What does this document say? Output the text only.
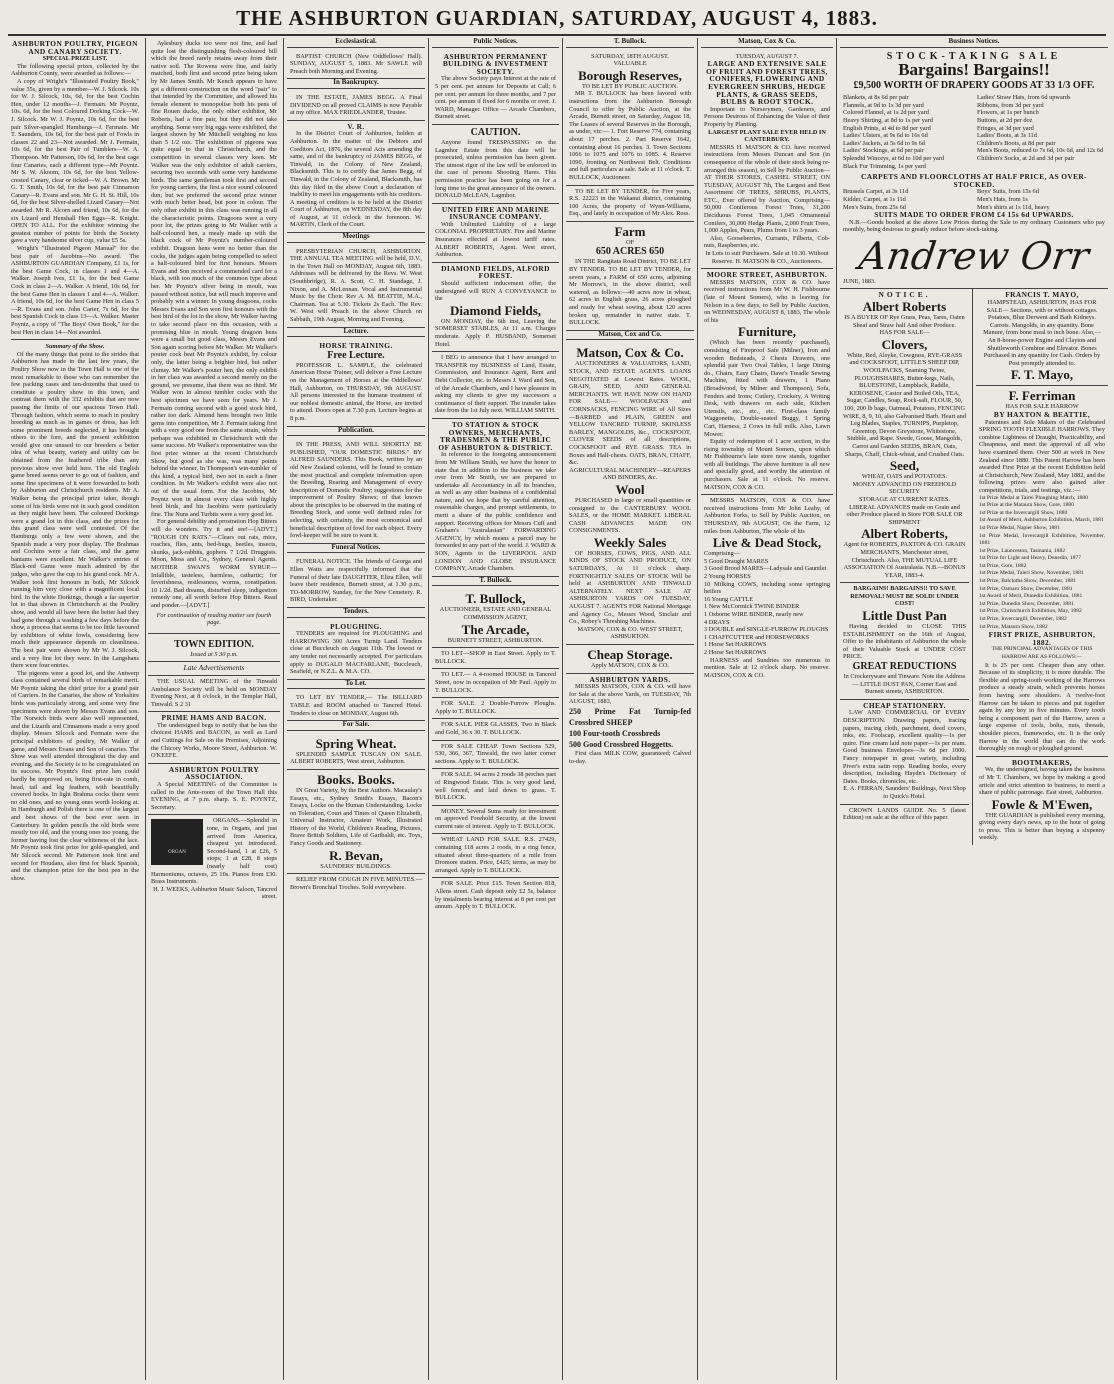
THE ASHBURTON GUARDIAN, SATURDAY, AUGUST 4, 1883.
ASHBURTON POULTRY, PIGEON AND CANARY SOCIETY.
SPECIAL PRIZE LIST.
The following special prizes, collected by the Ashburton County, were awarded as follows:—
A copy of Wright's "Illustrated Poultry Book," value 35s, given by a member—W. J. Silcock. 10s for W. J. Silcock, 10s, 6d, for the best Cochin Hen, under 12 months—J. Fermain. Mr Poyntz, 10s. 6d, for the best Coloured Dorking Cock—W. J. Silcock. Mr W. J. Poyntz, 10s 6d, for the best pair Silver-spangled Hamburgs—J. Fermain. Mr T. Saunders, 10s 6d, for the best pair of Fowls in classes 22 and 23—Not awarded. Mr J. Fermain, 10s 6d, for the best Pair of Tumblers—W. A. Thompson. Mr Patterson, 10s 6d, for the best cage four Canaries, each a different type—Mr Poyntz. Mr S. W. Akoom, 10s 6d, for the best Yellow-crested Canary, clear or ticked—W. A. Brown. Mr G. T. Smith, 10s 6d, for the best pair Cinnamon Canary—R. Evans and son. Mr G. H. St. Hill, 10s 6d, for the best Silver-shelled Lizard Canary—Not awarded. Mr R. Alcorn and friend, 10s 6d, for the six Lizard and Henshall Hen Eggs—R. Knight. OPEN TO ALL. For the exhibitor winning the greatest number of points for birds the Society gave a very handsome silver cup, value £5 5s.
Wright's "Illustrated Pigeon Manual" for the best pair of Jacobins—No award. The ASHBURTON GUARDIAN Company, £1 1s, for the best Game Cock, in classes 1 and 4—A. Walker. Joseph Ives, £1 1s, for the best Game Cock in class 2—A. Walker. A friend, 10s 6d, for the best Game Hen in classes 1 and 4—A. Walker. A friend, 10s 6d, for the best Game Hen in class 5—R. Evans and son. John Carter, 7s 6d, for the best Spanish Cock in class 13—A. Walker. Master Poyntz, a copy of "The Boys' Own Book," for the best Hen in class 14—Not awarded.
Summary of the Show.
Of the many things that point to the strides that Ashburton has made in the last few years, the Poultry Show now in the Town Hall is one of the most remarkable to those who can remember the few packing cases and ten-dozenths that used to constitute a poultry show in this town, and contrast them with the 332 exhibits that are now passing the limits of our spacious Town Hall. Through fashion, which seems to reach in poultry breeding as much as in games or dress, has left some prominent breeds neglected, it has brought others to the fore, and the present exhibition would give one unused to our breeders a better idea of what beauty, variety and utility can be obtained from the feathered tribe than any previous show ever held here. The old English game breed seems never to go out of fashion, and some fine specimens of it were forwarded to both by Ashburton and Christchurch residents. Mr A. Walker being the principal prize taker, though some of his birds were not in such good condition as they might have been. The coloured Dorkings were a grand lot in this class, and the prizes for this grand class were well contested. Of the Hamburgs only a few were shown, and the Spanish made a very poor display. The Brahmas and Cochins were a fair class, and the game bantams were excellent. Mr Walker's entries of Black-red Game were much admired by the judges, who gave the cup to his grand cock. Mr A. Walker took first honours in both, Mr Silcock running him very close with a magnificent local bird. In the white Dorkings, though a far superior lot to that shown in Christchurch at the Poultry show, and would all have been the better had they had gone through a washing a few days before the show, a process that seems to be too little favoured by exhibitors of white fowls, considering how much their appearance depends on cleanliness. The best pair were shown by Mr W. J. Silcock, and a very fine lot they were. In the Langshans there were four entries.
The pigeons were a good lot, and the Antwerp class contained several birds of remarkable merit. Mr Poyntz taking the chief prize for a grand pair of Carriers. In the Canaries, the show of Yorkshire birds was particularly strong, and some very fine specimens were shown by Messrs Evans and son. The Norwich birds were also well represented, and the Lizards and Cinnamons made a very good display. Messrs Silcock and Fermain were the principal exhibitors of poultry, Mr Walker of game, and Messrs Evans and Son of canaries. The Show was well attended throughout the day and evening, and the Society is to be congratulated on its success. Mr Poyntz's first prize hen could hardly be improved on, being first-rate in comb, head, tail and leg feathers, with beautifully covered hocks. In light Brahma cocks there were no old ones, and no young ones worth looking at. In Hamburgh and Polish there is one of the largest and best shows of the best ever seen in Canterbury. In golden pencils the old birds were mostly too old, and the young ones too young, the former having lost the clear whiteness of the lace. Mr Poyntz took first prize for gold-spangled, and Mr Silcock second. Mr Patterson took first and second for Houdans, also first for black Spanish, and the champion prize for the best pen in the show.
Aylesbury ducks too were not fine, and had quite lost the distinguishing flesh-coloured bill which the breed rarely retains away from their native soil. The Rowens were fine, and fairly matched, both first and second prize being taken by Mr James Smith. Mr Kench appears to have got a different construction on the word "pair" to that intended by the Committee, and allowed his female element to monopolise both his pens of fine Rouen ducks, the only other exhibitor, Mr Roberts, had a fine pair, but they did not take anything. Some very big eggs were exhibited, the largest shown by Mr Mitchell weighing no less than 5 1/2 ozs. The exhibition of pigeons was quite equal to that in Christchurch, and the competition in several classes very keen. Mr Walker was the only exhibitor of adult carriers, securing two seconds with some very handsome birds. The same gentleman took first and second for young carriers, the first a nice sound coloured dun; but we preferred the second prize winner with much better head, but poor in colour. The only other exhibit in this class was running in all the characteristic points. Dragoons were a very poor lot, the prizes going to Mr Walker with a half-coloured hen, a mealy made up with the black cock of Mr Poyntz's number-coloured exhibit. Dragoon hens were no better than the cocks, the judges again being compelled to select a half-coloured bird for first honours. Messrs Evans and Son received a commended card for a black, with too much of the common type about her. Mr Poyntz's silver being in moult, was passed without notice, but will much improve and probably win a winner. In young dragoons, cocks Messrs Evans and Son won first honours with the best bird of the lot in the show, Mr Walker having to take second place on this occasion, with a promising blue in moult. Young dragoon hens were a small but good class, Messrs Evans and Son again scoring before Mr Walker. Mr Walker's pouter cock beat Mr Poyntz's exhibit, by colour only, the latter being a brighter bird, but rather clumsy. Mr Walker's pouter hen, the only exhibit in her class was awarded a second merely on the ground, we presume, that there was no third. Mr Walker won in almost tumbler cocks with the best specimen we have seen for years. Mr J. Fermain coming second with a good stock bird, rather too dark. Almond hens brought two little gems into competition, Mr J. Fermain taking first with a very good one from the same strain, which perhaps was exhibited in Christchurch with the same success. Mr Walker's representative was the first prize winner at the recent Christchurch Show, but good as she was, was many points behind the winner. In Thompson's win-tumbler of this kind, a typical bird, two not in such a finer condition. In Mr Walker's exhibit were also not out of the usual form. For the Jacobins, Mr Poyntz won in almost every class with highly bred birds, and his Jacobins were particularly fine. The Nuns and Turbits were a very good lot.
For general debility and prostration Hop Bitters will do wonders. Try it and see!—[ADVT.] "ROUGH ON RATS."—Clears out rats, mice, roaches, flies, ants, bed-bugs, beetles, insects, skunks, jack-rabbits, gophers. 7 1/2d. Druggists. Moon, Moss and Co., Sydney, General Agents. MOTHER SWAN'S WORM SYRUP.—Infallible, tasteless, harmless, cathartic; for feverishness, restlessness, worms, constipation. 10 1/2d. Bad dreams, disturbed sleep, indigestion remedy one, all worth before Hop Bitters. Read and ponder.—[ADVT.]
For continuation of reading matter see fourth page.
TOWN EDITION.
Issued at 5 30 p.m.
Late Advertisements
THE USUAL MEETING of the Tinwald Ambulance Society will be held on MONDAY Evening Next, at 8 o'clock, in the Templar Hall, Tinwald. S 2 31
PRIME HAMS AND BACON.
The undersigned begs to notify that he has the choicest HAMS and BACON, as well as Lard and Cuttings for Sale on the Premises, Adjoining the Chicory Works, Moore Street, Ashburton. W. O'KEEFE.
ASHBURTON POULTRY ASSOCIATION.
A Special MEETING of the Committee is called in the Ante-room of the Town Hall this EVENING, at 7 p.m. sharp. S. E. POYNTZ, Secretary.
ORGAN
ORGANS.—Splendid in tone, in Organs, and just arrived from America, cheapest yet introduced. Second-hand, 1 at £26, 5 stops; 1 at £28, 8 stops (nearly half cost) Harmoniums, octaves, 25 10s. Pianos from £30. Brass Instruments.
H. J. WEEKS, Ashburton Music Saloon, Tancred street.
Ecclesiastical.
BAPTIST CHURCH (New Oddfellows' Hall). SUNDAY, AUGUST 5, 1883. Mr SAWLE will Preach both Morning and Evening.
In Bankruptcy.
IN THE ESTATE, JAMES BEGG. A Final DIVIDEND on all proved CLAIMS is now Payable at my office. MAX FRIEDLANDER, Trustee.
V. R.
In the District Court of Ashburton, holden at Ashburton. In the matter of the Debtors and Creditors Act, 1876, the several Acts amending the same, and of the bankruptcy of JAMES BEGG, of Tinwald, in the Colony of New Zealand, Blacksmith. This is to certify that James Begg, of Tinwald, in the Colony of Zealand, Blacksmith, has this day filed in the above Court a declaration of inability to meet his engagements with his creditors. A meeting of creditors is to be held at the District Court of Ashburton, on WEDNESDAY, the 8th day of August, at 11 o'clock in the forenoon. W. MARTIN, Clerk of the Court.
Meetings
PRESBYTERIAN CHURCH, ASHBURTON. THE ANNUAL TEA MEETING will be held, D.V., in the Town Hall on MONDAY, August 6th, 1883. Addresses will be delivered by the Revs. W. West (Southbridge), R. A. Scott, C. H. Standage, J. Nixon, and A. McLennan. Vocal and Instrumental Music by the Choir. Rev A. M. BEATTIE, M.A., Chairman. Tea at 5.30. Tickets 2s Each. The Rev. W. West will Preach in the above Church on Sabbath, 19th August, Morning and Evening.
Lecture.
HORSE TRAINING.
Free Lecture.
PROFESSOR L. SAMPLE, the celebrated American Horse Trainer, will deliver a Free Lecture on the Management of Horses at the Oddfellows' Hall, Ashburton, on THURSDAY, 9th AUGUST. All persons interested in the humane treatment of our noblest domestic animal, the Horse, are invited to attend. Doors open at 7.30 p.m. Lecture begins at 8 p.m.
Publication.
IN THE PRESS, AND WILL SHORTLY BE PUBLISHED, "OUR DOMESTIC BIRDS." BY ALFRED SAUNDERS. This Book, written by an old New Zealand colonist, will be found to contain the most practical and complete information upon the Breeding, Rearing and Management of every description of Domestic Poultry; suggestions for the improvement of Poultry Shows; of that known about the principles to be observed in the mating of Breeding Stock, and some well defined rules for selecting, with certainty, the most economical and beneficial description of fowl for each object. Every fowl-keeper will be sure to want it.
Funeral Notices.
FUNERAL NOTICE. The friends of Georga and Ellen Watts are respectfully informed that the Funeral of their late DAUGHTER, Eliza Ellen, will leave their residence, Burnett street, at 1.30 p.m., TO-MORROW, Sunday, for the New Cemetery. R. BIRD, Undertaker.
Tenders.
PLOUGHING.
TENDERS are required for PLOUGHING and HARROWING 300 Acres Turnip Land. Tenders close at Buccleuch on August 11th. The lowest or any tender not necessarily accepted. For particulars apply to DUGALD MACFARLANE, Buccleuch, Seafield, or N.Z.L. & M.A. CO.
To Let.
TO LET BY TENDER,— The BILLIARD TABLE and ROOM attached to Tancred Hotel. Tenders to close on MONDAY, August 6th.
For Sale.
Spring Wheat.
SPLENDID SAMPLE TUSCAN ON SALE. ALBERT ROBERTS, West street, Ashburton.
Books. Books.
IN Great Variety, by the Best Authors. Macaulay's Essays, etc., Sydney Smith's Essays, Bacon's Essays, Locke on the Human Understanding, Locke on Toleration, Court and Times of Queen Elizabeth, Universal Instructor, Amateur Work, Illustrated History of the World, Children's Reading, Pictures, Brave British Soldiers, Life of Garibaldi, etc. Toys, Fancy Goods and Stationery.
R. Bevan,
SAUNDERS' BUILDINGS.
RELIEF FROM COUGH IN FIVE MINUTES.—Brown's Bronchial Troches. Sold everywhere.
Public Notices.
ASHBURTON PERMANENT BUILDING & INVESTMENT SOCIETY.
The above Society pays Interest at the rate of 5 per cent. per annum for Deposits at Call; 6 per cent. per annum for three months, and 7 per cent. per annum if fixed for 6 months or over. J. WARD, Manager. Office — Arcade Chambers, Burnett street.
CAUTION.
Anyone found TRESPASSING on the Lagmhor Estate from this date will be prosecuted, unless permission has been given. The utmost rigor of the law will be enforced in the case of persons Shooting Hares. This permission practice has been going on for a long time to the great annoyance of the owners. DONALD McLEAN, Lagmhor.
UNITED FIRE AND MARINE INSURANCE COMPANY.
With Unlimited Liability of a large COLONIAL PROPRIETARY. Fire and Marine Insurances effected at lowest tariff rates. ALBERT ROBERTS, Agent. West street, Ashburton.
DIAMOND FIELDS, ALFORD FOREST.
Should sufficient inducement offer, the undersigned will RUN A CONVEYANCE to the
Diamond Fields,
ON MONDAY, the 6th inst, Leaving the SOMERSET STABLES, At 11 a.m. Charges moderate. Apply P. HUSBAND, Somerset Hotel.
I BEG to announce that I have arranged to TRANSFER my BUSINESS of Land, Estate, Commission, and Insurance Agent, Rent and Debt Collector, etc. to Messrs J. Ward and Son, of the Arcade Chambers, and I have pleasure in asking my clients to give my successors a continuance of their support. The transfer takes date from the 1st July next. WILLIAM SMITH.
TO STATION & STOCK OWNERS, MERCHANTS, TRADESMEN & THE PUBLIC OF ASHBURTON & DISTRICT.
In reference to the foregoing announcement from Mr William Smith, we have the honor to state that in addition to the business we take over from Mr Smith, we are prepared to undertake all Accountancy in all its branches, as well as any other business of a confidential nature, and we hope that by careful attention, reasonable charges, and prompt settlements, to merit a share of the public confidence and support. Receiving offices for Messrs Cuff and Graham's "Australasian" FORWARDING AGENCY, by which means a parcel may be forwarded to any part of the world. J. WARD & SON, Agents to the LIVERPOOL AND LONDON AND GLOBE INSURANCE COMPANY, Arcade Chambers.
T. Bullock.
T. Bullock,
AUCTIONEER, ESTATE AND GENERAL COMMISSION AGENT,
The Arcade,
BURNETT STREET, ASHBURTON.
TO LET—SHOP in East Street. Apply to T. BULLOCK.
TO LET.— A 4-roomed HOUSE in Tancred Street, now in occupation of Mr Paul. Apply to T. BULLOCK.
FOR SALE. 2 Double-Furrow Ploughs. Apply to T. BULLOCK.
FOR SALE. PIER GLASSES. Two in Black and Gold, 36 x 30. T. BULLOCK.
FOR SALE CHEAP. Town Sections 529, 530, 366, 367, Tinwald, the two latter corner sections. Apply to T. BULLOCK.
FOR SALE. 94 acres 2 roods 38 perches part of Ringwood Estate. This is very good land, well fenced, and laid down to grass. T. BULLOCK.
MONEY. Several Sums ready for investment on approved Freehold Security, at the lowest current rate of interest. Apply to T. BULLOCK.
WHEAT LAND FOR SALE. R.S. 27429, containing 118 acres 2 roods, in a ring fence, situated about three-quarters of a mile from Dromore station. Price, £425; terms, as may be arranged. Apply to T. BULLOCK.
FOR SALE. Price £15. Town Section 818, Allens street. Cash deposit only £2 5s, balance by instalments bearing interest at 8 per cent per annum. Apply to T. BULLOCK.
T. Bullock.
SATURDAY, 18TH AUGUST.
VALUABLE
Borough Reserves,
TO BE LET BY PUBLIC AUCTION.
MR T. BULLOCK has been favored with instructions from the Ashburton Borough Council to offer by Public Auction, at the Arcade, Burnett street, on Saturday, August 18, The Leases of several Reserves in the Borough, as under, viz:— 1. Fort Reserve 774, containing about 17 perches. 2. Part Reserve 1642, containing about 16 perches. 3. Town Sections 1066 to 1075 and 1076 to 1085. 4. Reserve 1090, fronting on Northwest Belt. Conditions and full particulars at sale. Sale at 11 o'clock. T. BULLOCK, Auctioneer.
TO BE LET BY TENDER, for Five years, R.S. 22223 in the Wakanui district, containing 100 Acres, the property of Wynn-Williams, Esq., and lately in occupation of Mr Alex. Ross.
Farm
OF
650 ACRES 650
IN THE Rangitata Road District, TO BE LET BY TENDER. TO BE LET BY TENDER, for seven years, a FARM of 650 acres, adjoining Mr Morrow's, in the above district, well watered, as follows:—40 acres now in wheat, 62 acres in English grass, 26 acres ploughed and ready for wheat sowing, about 120 acres broken up, remainder in native state. T. BULLOCK.
Matson, Cox and Co.
Matson, Cox & Co.
AUCTIONEERS & VALUATORS, LAND, STOCK, AND ESTATE AGENTS. LOANS NEGOTIATED at Lowest Rates. WOOL, GRAIN, SEED, AND GENERAL MERCHANTS. WE HAVE NOW ON HAND FOR SALE— WOOLPACKS and CORNSACKS, FENCING WIRE of All Sizes—BARBED and PLAIN, GREEN and YELLOW TANCRED TURNIP, SKINLESS BARLEY, MANGOLDS, &c., COCKSFOOT, CLOVER SEEDS of all descriptions, COCKSFOOT and RYE GRASS. TEA in Boxes and Half-chests. OATS, BRAN, CHAFF, &c.
AGRICULTURAL MACHINERY—REAPERS AND BINDERS, &c.
Wool
PURCHASED in large or small quantities or consigned to the CANTERBURY WOOL SALES, or the HOME MARKET. LIBERAL CASH ADVANCES MADE ON CONSIGNMENTS.
Weekly Sales
OF HORSES, COWS, PIGS, AND ALL KINDS OF STOCK AND PRODUCE, ON SATURDAYS, At 11 o'clock sharp. FORTNIGHTLY SALES OF STOCK Will be held at ASHBURTON AND TINWALD ALTERNATELY. NEXT SALE AT ASHBURTON YARDS ON TUESDAY, AUGUST 7. AGENTS FOR National Mortgage and Agency Co., Messrs Wood, Sinclair and Co., Robey's Threshing Machines.
MATSON, COX & CO. WEST STREET, ASHBURTON.
Cheap Storage.
Apply MATSON, COX & CO.
ASHBURTON YARDS.
MESSRS MATSON, COX & CO. will have for Sale at the above Yards, on TUESDAY, 7th AUGUST, 1883,
250 Prime Fat Turnip-fed Crossbred SHEEP
100 Four-tooth Crossbreds
500 Good Crossbred Hoggetts.
First class MILK COW, guaranteed; Calved to-day.
Matson, Cox & Co.
TUESDAY, AUGUST 7.
LARGE AND EXTENSIVE SALE OF FRUIT AND FOREST TREES, CONIFERS, FLOWERING AND EVERGREEN SHRUBS, HEDGE PLANTS, & GRASS SEEDS, BULBS & ROOT STOCK.
Important to Nurserymen, Gardeners, and Persons Desirous of Enhancing the Value of their Property by Planting.
LARGEST PLANT SALE EVER HELD IN CANTERBURY.
MESSRS H. MATSON & CO. have received instructions from Messrs Duncan and Son (in consequence of the whole of their stock being re-arranged this season), to Sell by Public Auction— AT THEIR STORES, CASHEL STREET, ON TUESDAY, AUGUST 7th, The Largest and Best Assortment OF TREES, SHRUBS, PLANTS, ETC., Ever offered by Auction, Comprising— 50,000 Coniferous Forest Trees, 31,200 Deciduous Forest Trees, 1,045 Ornamental Conifers, 30,000 Hedge Plants, 2,000 Fruit Trees, 1,000 Apples, Pears, Plums from 1 to 3 years.
Also, Gooseberries, Currants, Filberts, Cob-nuts, Raspberries, etc.
In Lots to suit Purchasers. Sale at 10.30. Without Reserve. H. MATSON & CO., Auctioneers.
MOORE STREET, ASHBURTON.
MESSRS MATSON, COX & CO. have received instructions from Mr W. H. Fishbourne (late of Mount Somers), who is leaving for Nelson in a few days, to Sell by Public Auction, on WEDNESDAY, AUGUST 8, 1883, The whole of his
Furniture,
(Which has been recently purchased), consisting of Fireproof Safe (Milner), Iron and wooden Bedsteads, 2 Chests Drawers, one splendid pair Two Oval Tables, 1 large Dining do., Chairs, Easy Chairs, Dave's Treadle Sewing Machine, fitted with drawers, 1 Piano (Broadwood, by Milner and Thompson), Sofa, Fenders and Irons; Cutlery, Crockery, A Writing Desk, with drawers on each side, Kitchen Utensils, etc., etc., etc. First-class family Waggonette, Double-seated Buggy, 1 Spring Cart, Harness, 2 Cows in full milk. Also, Lawn Mower.
Equity of redemption of 1 acre section, in the rising township of Mount Somers, upon which Mr Fishbourne's late store now stands, together with all buildings. The above furniture is all new and specially good, and worthy the attention of purchasers. Sale at 11 o'clock. No reserve. MATSON, COX & CO.
MESSRS MATSON, COX & CO. have received instructions from Mr John Leahy, of Ashburton Forks, to Sell by Public Auction, on THURSDAY, 9th AUGUST, On the Farm, 12 miles from Ashburton, The whole of his
Live & Dead Stock,
Comprising—
5 Good Draught MARES
3 Good Brood MARES—Ladysale and Gauntlet
2 Young HORSES
10 Milking COWS, including some springing heifers
16 Young CATTLE
1 New McCormick TWINE BINDER
1 Osborne WIRE BINDER, nearly new
4 DRAYS
3 DOUBLE and SINGLE-FURROW PLOUGHS
1 CHAFFCUTTER and HORSEWORKS
1 Horse Set HARROWS
2 Horse Set HARROWS
HARNESS and Sundries too numerous to mention. Sale at 12 o'clock sharp. No reserve. MATSON, COX & CO.
Business Notices.
STOCK-TAKING SALE
Bargains! Bargains!!
£9,500 WORTH OF DRAPERY GOODS AT 33 1/3 OFF.
Blankets, at 8s 6d per pair
Flannels, at 9d to 1s 3d per yard
Colored Flannel, at 1s 2d per yard
Heavy Shirting, at 8d to 1s per yard
English Prints, at 4d to 8d per yard
Ladies' Ulsters, at 9s 6d to 16s 6d
Ladies' Jackets, at 5s 6d to 9s 6d
Ladies' Stockings, at 6d per pair
Splendid Winceys, at 6d to 10d per yard
Black Fur Trimming, 1s per yard
Ladies' Straw Hats, from 6d upwards
Ribbons, from 3d per yard
Flowers, at 1s per bunch
Buttons, at 2d per doz
Fringes, at 3d per yard
Ladies' Boots, at 3s 11d
Children's Boots, at 8d per pair
Men's Boots, reduced to 7s 6d, 10s 6d, and 12s 6d
Children's Socks, at 2d and 3d per pair
CARPETS AND FLOORCLOTHS AT HALF PRICE, AS OVER-STOCKED.
Brussels Carpet, at 3s 11d
Kidder, Carpet, at 1s 11d
Men's Suits, from 25s 6d
Boys' Suits, from 15s 6d
Men's Hats, from 1s
Men's shirts at 1s 11d, heavy
SUITS MADE TO ORDER FROM £4 15s 6d UPWARDS.
N.B.—Goods booked at the above Low Prices during the Sale to my ordinary Customers who pay monthly, being desirous to greatly reduce before stock-taking.
Andrew Orr
JUNE, 1883.
NOTICE.
Albert Roberts
IS A BUYER OF Rye Grass, Peas, Tares, Oaten Sheaf and Straw half And other Produce.
HAS FOR SALE—
Clovers,
White, Red, Alsyke, Cowgrass, RYE-GRASS and COCKSFOOT, LITTLE'S SHEEP DIP, WOOLPACKS, Seaming Twine, PLOUGHSHARES, Butter-kegs, Nails, BLUESTONE, Lampblack, Raddle, KEROSENE, Castor and Boiled Oils, TEA, Sugar, Candles, Soap, Rock-salt, FLOUR, 50, 100, 200 lb bags, Oatmeal, Potatoes, FENCING WIRE, 8, 9, 10, also Galvanised Barb. Heart and Leg Blades, Staples, TURNIPS, Purpletop, Greentop, Devon Greystone, Whitestone, Stubble, and Rape. Swede, Goose, Mangolds, Carrot and Garden SEEDS, BRAN, Oats, Sharps, Chaff, Chick-wheat, and Crushed Oats.
Seed,
WHEAT, OATS and POTATOES.
MONEY ADVANCED ON FREEHOLD SECURITY
STORAGE AT CURRENT RATES.
LIBERAL ADVANCES made on Grain and other Produce placed in Store FOR SALE OR SHIPMENT
Albert Roberts,
Agent for ROBERTS, PAXTON & CO. GRAIN MERCHANTS, Manchester street, Christchurch. Also, THE MUTUAL LIFE ASSOCIATION Of Australasia. N.B.—BONUS YEAR, 1883-4.
BARGAINS! BARGAINS!! TO SAVE REMOVAL! MUST BE SOLD! UNDER COST!
Little Dust Pan
Having decided to CLOSE THIS ESTABLISHMENT on the 16th of August, Offer to the inhabitants of Ashburton the whole of their Valuable Stock at UNDER COST PRICE.
GREAT REDUCTIONS
In Crockeryware and Tinware. Note the Address— LITTLE DUST PAN, Corner East and Burnett streets, ASHBURTON.
CHEAP STATIONERY.
LAW AND COMMERCIAL OF EVERY DESCRIPTION. Drawing papers, tracing papers, tracing cloth, parchment, deed covers, inks, etc. Foolscap, excellent quality—1s per quire. Fine cream laid note paper—1s per ream. Good business Envelopes—3s 6d per 1000. Fancy notepaper in great variety, including Piver's extra satin repp. Reading books, every description, including Haydn's Dictionary of Dates. Books, chronicles, etc.
E. A. FERRAN, Saunders' Buildings, Next Shop to Quick's Hotel.
CROWN LANDS GUIDE No. 5 (latest Edition) on sale at the office of this paper.
FRANCIS T. MAYO,
HAMPSTEAD, ASHBURTON, HAS FOR SALE— Sections, with or without cottages. Potatoes, Blue Derwent and Bath Kidneys. Carrots. Mangolds, in any quantity. Bone Manure, from bone meal to inch bone. Also,— An 8-horse-power Engine and Clayton and Shuttleworth Combine and Elevator. Bones Purchased in any quantity for Cash. Orders by Post promptly attended to.
F. T. Mayo,
F. Ferriman
HAS FOR SALE HARROW
BY HAXTON & BEATTIE,
Patentees and Sole Makers of the Celebrated SPRING TOOTH FLEXIBLE HARROWS. They combine Lightness of Draught, Practicability, and Cheapness, and meet the approval of all who have examined them. Over 500 at work in New Zealand since 1880. This Patent Harrow has been awarded First Prize at the recent Exhibition held at Christchurch, New Zealand, May 1882, and the following prizes were also gained after competitions, trials, and testings, viz.:—
1st Prize Medal at Tairei Ploughing Match, 1880
1st Prize at the Mataura Show, Gore, 1880
1st Prize at the Invercargill Show, 1880
1st Award of Merit, Ashburton Exhibition, March, 1881
1st Prize Medal, Napier Show, 1881
1st Prize Medal, Invercargill Exhibition, November, 1881
1st Prize, Launceston, Tasmania, 1882
1st Prize for Light and Heavy, Dunedin, 1877
1st Prize, Gore, 1882
1st Prize Medal, Taieri Show, November, 1881
1st Prize, Balclutha Show, December, 1881
1st Prize, Oamaru Show, December, 1881
1st Award of Merit, Dunedin Exhibition, 1881
1st Prize, Dunedin Show, December, 1881
1st Prize, Christchurch Exhibition, May, 1882
1st Prize, Invercargill, December, 1882
1st Prize, Mataura Show, 1882
FIRST PRIZE, ASHBURTON, 1882.
THE PRINCIPAL ADVANTAGES OF THIS HARROW ARE AS FOLLOWS:—
It is 25 per cent. Cheaper than any other. Because of its simplicity, it is more durable. The flexible and spring-tooth working of the Harrows produce a steady strain, which prevents horses from having sore shoulders. A twelve-foot Harrow can be taken to pieces and put together again by any boy in five minutes. Every tooth being a component part of the Harrow, saves a large expense of tools, bolts, nuts, threads, shoulder pieces, frameworks, etc. It is the only Harrow in the world that can do the work thoroughly on rough or ploughed ground.
BOOTMAKERS,
We, the undersigned, having taken the business of Mr T. Chambers, we hope by making a good article and strict attention to business, to merit a share of public patronage. East street, Ashburton.
Fowle & M'Ewen,
THE GUARDIAN is published every morning, giving every day's news, up to the hour of going to press. This is better than buying a sixpenny weekly.
